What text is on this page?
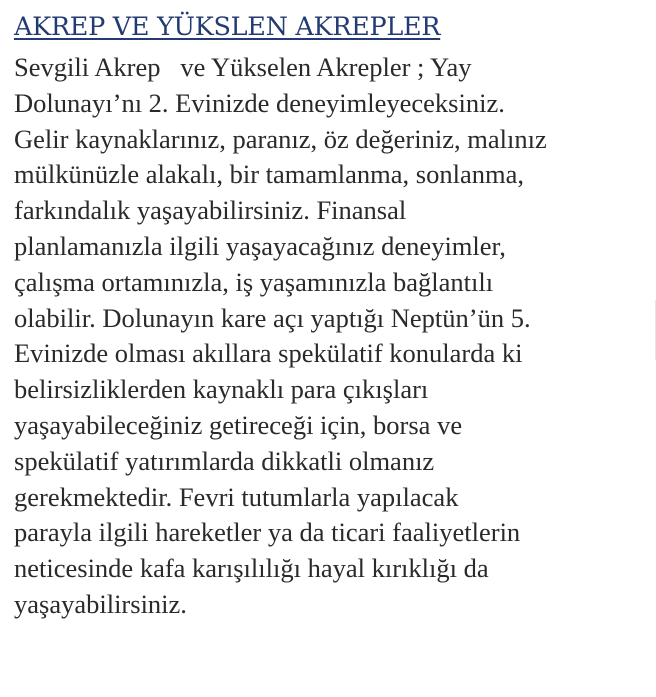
AKREP VE YÜKSLEN AKREPLER

Sevgili Akrep   ve Yükselen Akrepler ; Yay

Dolunayı’nı 2. Evinizde deneyimleyeceksiniz.

Gelir kaynaklarınız, paranız, öz değeriniz, malınız

mülkünüzle alakalı, bir tamamlanma, sonlanma,

farkındalık yaşayabilirsiniz. Finansal

planlamanızla ilgili yaşayacağınız deneyimler,

çalışma ortamınızla, iş yaşamınızla bağlantılı

olabilir. Dolunayın kare açı yaptığı Neptün’ün 5.

Evinizde olması akıllara spekülatif konularda ki

belirsizliklerden kaynaklı para çıkışları

yaşayabileceğiniz getireceği için, borsa ve

spekülatif yatırımlarda dikkatli olmanız

gerekmektedir. Fevri tutumlarla yapılacak

parayla ilgili hareketler ya da ticari faaliyetlerin

neticesinde kafa karışılılığı hayal kırıklığı da

yaşayabilirsiniz.
